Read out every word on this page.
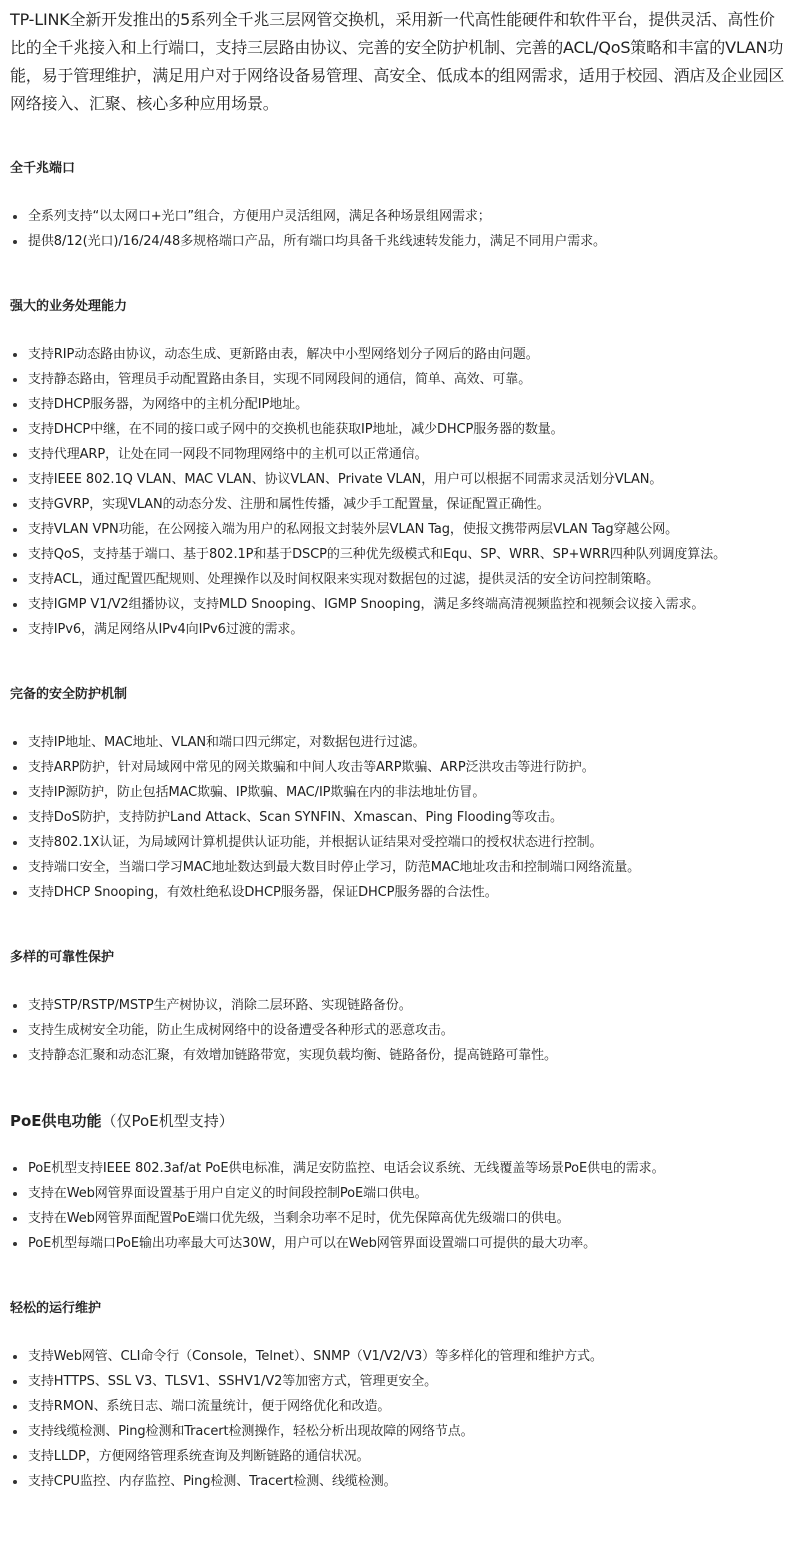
TP-LINK全新开发推出的5系列全千兆三层网管交换机，采用新一代高性能硬件和软件平台，提供灵活、高性价比的全千兆接入和上行端口，支持三层路由协议、完善的安全防护机制、完善的ACL/QoS策略和丰富的VLAN功能，易于管理维护，满足用户对于网络设备易管理、高安全、低成本的组网需求，适用于校园、酒店及企业园区网络接入、汇聚、核心多种应用场景。

全千兆端口
全系列支持“以太网口+光口”组合，方便用户灵活组网，满足各种场景组网需求；
提供8/12(光口)/16/24/48多规格端口产品，所有端口均具备千兆线速转发能力，满足不同用户需求。
强大的业务处理能力
支持RIP动态路由协议，动态生成、更新路由表，解决中小型网络划分子网后的路由问题。
支持静态路由，管理员手动配置路由条目，实现不同网段间的通信，简单、高效、可靠。
支持DHCP服务器，为网络中的主机分配IP地址。
支持DHCP中继，在不同的接口或子网中的交换机也能获取IP地址，减少DHCP服务器的数量。
支持代理ARP，让处在同一网段不同物理网络中的主机可以正常通信。
支持IEEE 802.1Q VLAN、MAC VLAN、协议VLAN、Private VLAN，用户可以根据不同需求灵活划分VLAN。
支持GVRP，实现VLAN的动态分发、注册和属性传播，减少手工配置量，保证配置正确性。
支持VLAN VPN功能，在公网接入端为用户的私网报文封装外层VLAN Tag，使报文携带两层VLAN Tag穿越公网。
支持QoS，支持基于端口、基于802.1P和基于DSCP的三种优先级模式和Equ、SP、WRR、SP+WRR四种队列调度算法。
支持ACL，通过配置匹配规则、处理操作以及时间权限来实现对数据包的过滤，提供灵活的安全访问控制策略。
支持IGMP V1/V2组播协议，支持MLD Snooping、IGMP Snooping，满足多终端高清视频监控和视频会议接入需求。
支持IPv6，满足网络从IPv4向IPv6过渡的需求。
完备的安全防护机制
支持IP地址、MAC地址、VLAN和端口四元绑定，对数据包进行过滤。
支持ARP防护，针对局域网中常见的网关欺骗和中间人攻击等ARP欺骗、ARP泛洪攻击等进行防护。
支持IP源防护，防止包括MAC欺骗、IP欺骗、MAC/IP欺骗在内的非法地址仿冒。
支持DoS防护，支持防护Land Attack、Scan SYNFIN、Xmascan、Ping Flooding等攻击。
支持802.1X认证，为局域网计算机提供认证功能，并根据认证结果对受控端口的授权状态进行控制。
支持端口安全，当端口学习MAC地址数达到最大数目时停止学习，防范MAC地址攻击和控制端口网络流量。
支持DHCP Snooping，有效杜绝私设DHCP服务器，保证DHCP服务器的合法性。
多样的可靠性保护
支持STP/RSTP/MSTP生产树协议，消除二层环路、实现链路备份。
支持生成树安全功能，防止生成树网络中的设备遭受各种形式的恶意攻击。
支持静态汇聚和动态汇聚，有效增加链路带宽，实现负载均衡、链路备份，提高链路可靠性。
PoE供电功能（仅PoE机型支持）
PoE机型支持IEEE 802.3af/at PoE供电标准，满足安防监控、电话会议系统、无线覆盖等场景PoE供电的需求。
支持在Web网管界面设置基于用户自定义的时间段控制PoE端口供电。
支持在Web网管界面配置PoE端口优先级，当剩余功率不足时，优先保障高优先级端口的供电。
PoE机型每端口PoE输出功率最大可达30W，用户可以在Web网管界面设置端口可提供的最大功率。
轻松的运行维护
支持Web网管、CLI命令行（Console，Telnet）、SNMP（V1/V2/V3）等多样化的管理和维护方式。
支持HTTPS、SSL V3、TLSV1、SSHV1/V2等加密方式，管理更安全。
支持RMON、系统日志、端口流量统计，便于网络优化和改造。
支持线缆检测、Ping检测和Tracert检测操作，轻松分析出现故障的网络节点。
支持LLDP，方便网络管理系统查询及判断链路的通信状况。
支持CPU监控、内存监控、Ping检测、Tracert检测、线缆检测。
